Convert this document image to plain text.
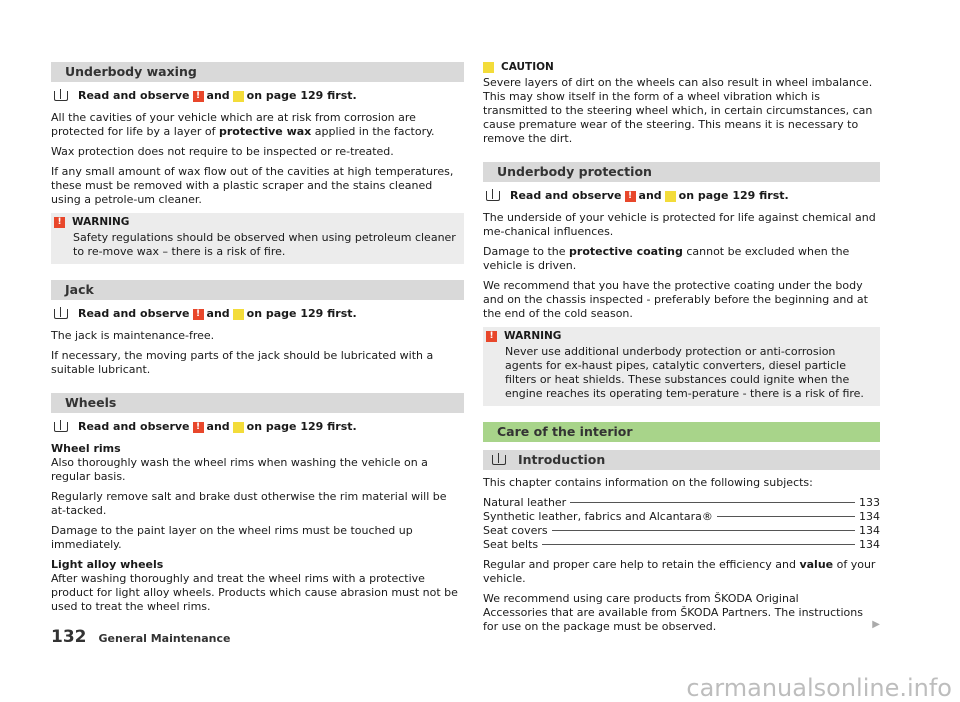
Underbody waxing
Read and observe ! and on page 129 first.

All the cavities of your vehicle which are at risk from corrosion are protected for life by a layer of protective wax applied in the factory.

Wax protection does not require to be inspected or re-treated.

If any small amount of wax flow out of the cavities at high temperatures, these must be removed with a plastic scraper and the stains cleaned using a petrole-um cleaner.

! WARNING
Safety regulations should be observed when using petroleum cleaner to re-move wax – there is a risk of fire.
Jack
Read and observe ! and on page 129 first.

The jack is maintenance-free.

If necessary, the moving parts of the jack should be lubricated with a suitable lubricant.

Wheels
Read and observe ! and on page 129 first.
Wheel rims

Also thoroughly wash the wheel rims when washing the vehicle on a regular basis.

Regularly remove salt and brake dust otherwise the rim material will be at-tacked.

Damage to the paint layer on the wheel rims must be touched up immediately.

Light alloy wheels

After washing thoroughly and treat the wheel rims with a protective product for light alloy wheels. Products which cause abrasion must not be used to treat the wheel rims.

CAUTION

Severe layers of dirt on the wheels can also result in wheel imbalance. This may show itself in the form of a wheel vibration which is transmitted to the steering wheel which, in certain circumstances, can cause premature wear of the steering. This means it is necessary to remove the dirt.

Underbody protection
Read and observe ! and on page 129 first.

The underside of your vehicle is protected for life against chemical and me-chanical influences.

Damage to the protective coating cannot be excluded when the vehicle is driven.

We recommend that you have the protective coating under the body and on the chassis inspected - preferably before the beginning and at the end of the cold season.

! WARNING
Never use additional underbody protection or anti-corrosion agents for ex-haust pipes, catalytic converters, diesel particle filters or heat shields. These substances could ignite when the engine reaches its operating tem-perature - there is a risk of fire.
Care of the interior
Introduction

This chapter contains information on the following subjects:

Natural leather	133
Synthetic leather, fabrics and Alcantara®	134
Seat covers	134
Seat belts	134

Regular and proper care help to retain the efficiency and value of your vehicle.

We recommend using care products from ŠKODA Original Accessories that are available from ŠKODA Partners. The instructions for use on the package must be observed.	▶
132 General Maintenance
carmanualsonline.info
